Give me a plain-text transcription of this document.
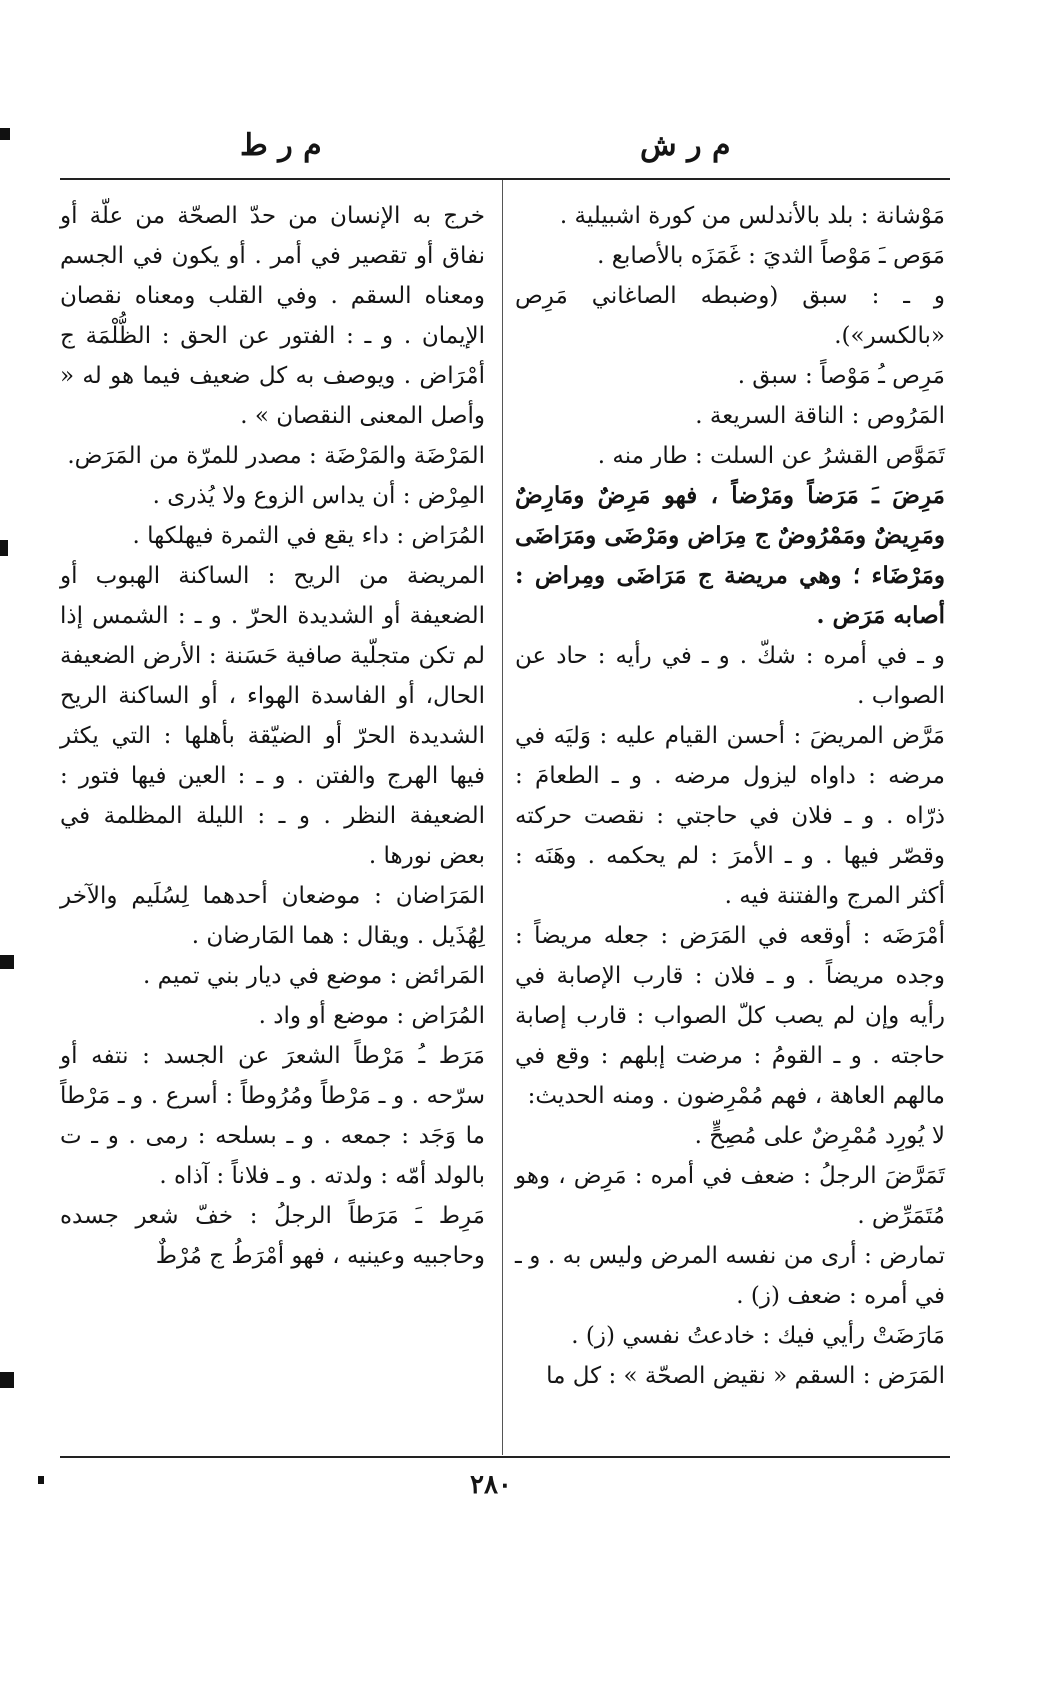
م ر ط	م ر ش

مَوْشانة : بلد بالأندلس من كورة اشبيلية .

مَوَص ـَ مَوْصاً الثديَ : غَمَزَه بالأصابع .

و ـ : سبق (وضبطه الصاغاني مَرِص «بالكسر»).

مَرِص ـُ مَوْصاً : سبق .

المَرُوص : الناقة السريعة .

تَمَوَّص القشرُ عن السلت : طار منه .

مَرِضَ ـَ مَرَضاً ومَرْضاً ، فهو مَرِضٌ ومَارِضٌ ومَرِيضٌ ومَمْرُوضٌ ج مِرَاض ومَرْضَى ومَرَاضَى ومَرْضَاء ؛ وهي مريضة ج مَرَاضَى ومِراض : أصابه مَرَض .

و ـ في أمره : شكّ . و ـ في رأيه : حاد عن الصواب .

مَرَّض المريضَ : أحسن القيام عليه : وَليَه في مرضه : داواه ليزول مرضه . و ـ الطعامَ : ذرّاه . و ـ فلان في حاجتي : نقصت حركته وقصّر فيها . و ـ الأمرَ : لم يحكمه . وهَنَه : أكثر المرج والفتنة فيه .

أمْرَضَه : أوقعه في المَرَض : جعله مريضاً : وجده مريضاً . و ـ فلان : قارب الإصابة في رأيه وإن لم يصب كلّ الصواب : قارب إصابة حاجته . و ـ القومُ : مرضت إبلهم : وقع في مالهم العاهة ، فهم مُمْرِضون . ومنه الحديث:

لا يُورِد مُمْرِضٌ على مُصِحٍّ .

تَمَرَّضَ الرجلُ : ضعف في أمره : مَرِض ، وهو مُتَمَرِّض .

تمارض : أرى من نفسه المرض وليس به . و ـ في أمره : ضعف (ز) .

مَارَضَتْ رأيي فيك : خادعتُ نفسي (ز) .

المَرَض : السقم « نقيض الصحّة » : كل ما

خرج به الإنسان من حدّ الصحّة من علّة أو نفاق أو تقصير في أمر . أو يكون في الجسم ومعناه السقم . وفي القلب ومعناه نقصان الإيمان . و ـ : الفتور عن الحق : الظُّلْمَة ج أمْرَاض . ويوصف به كل ضعيف فيما هو له « وأصل المعنى النقصان » .

المَرْضَة والمَرْضَة : مصدر للمرّة من المَرَض.

المِرْض : أن يداس الزوع ولا يُذرى .

المُرَاض : داء يقع في الثمرة فيهلكها .

المريضة من الريح : الساكنة الهبوب أو الضعيفة أو الشديدة الحرّ . و ـ : الشمس إذا لم تكن متجلّية صافية حَسَنة : الأرض الضعيفة الحال، أو الفاسدة الهواء ، أو الساكنة الريح الشديدة الحرّ أو الضيّقة بأهلها : التي يكثر فيها الهرج والفتن . و ـ : العين فيها فتور : الضعيفة النظر . و ـ : الليلة المظلمة في بعض نورها .

المَرَاضان : موضعان أحدهما لِسُلَيم والآخر لِهُذَيل . ويقال : هما المَارضان .

المَرائض : موضع في ديار بني تميم .

المُرَاض : موضع أو واد .

مَرَط ـُ مَرْطاً الشعرَ عن الجسد : نتفه أو سرّحه . و ـ مَرْطاً ومُرُوطاً : أسرع . و ـ مَرْطاً ما وَجَد : جمعه . و ـ بسلحه : رمى . و ـ ت بالولد أمّه : ولدته . و ـ فلاناً : آذاه .

مَرِط ـَ مَرَطاً الرجلُ : خفّ شعر جسده وحاجبيه وعينيه ، فهو أمْرَطُ ج مُرْطٌ

٢٨٠
